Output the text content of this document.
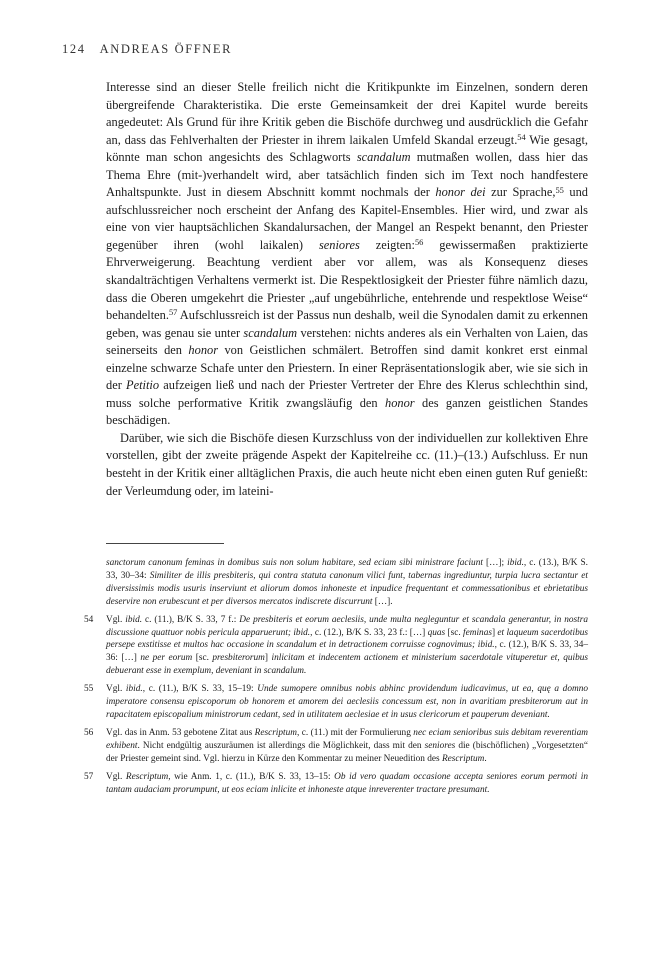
124 ANDREAS ÖFFNER

Interesse sind an dieser Stelle freilich nicht die Kritikpunkte im Einzelnen, sondern deren übergreifende Charakteristika. Die erste Gemeinsamkeit der drei Kapitel wurde bereits angedeutet: Als Grund für ihre Kritik geben die Bischöfe durchweg und ausdrücklich die Gefahr an, dass das Fehlverhalten der Priester in ihrem laikalen Umfeld Skandal erzeugt.$^{54}$ Wie gesagt, könnte man schon angesichts des Schlagworts scandalum mutmaßen wollen, dass hier das Thema Ehre (mit-)verhandelt wird, aber tatsächlich finden sich im Text noch handfestere Anhaltspunkte. Just in diesem Abschnitt kommt nochmals der honor dei zur Sprache,$^{55}$ und aufschlussreicher noch erscheint der Anfang des Kapitel-Ensembles. Hier wird, und zwar als eine von vier hauptsächlichen Skandalursachen, der Mangel an Respekt benannt, den Priester gegenüber ihren (wohl laikalen) seniores zeigten:$^{56}$ gewissermaßen praktizierte Ehrverweigerung. Beachtung verdient aber vor allem, was als Konsequenz dieses skandalträchtigen Verhaltens vermerkt ist. Die Respektlosigkeit der Priester führe nämlich dazu, dass die Oberen umgekehrt die Priester „auf ungebührliche, entehrende und respektlose Weise“ behandelten.$^{57}$ Aufschlussreich ist der Passus nun deshalb, weil die Synodalen damit zu erkennen geben, was genau sie unter scandalum verstehen: nichts anderes als ein Verhalten von Laien, das seinerseits den honor von Geistlichen schmälert. Betroffen sind damit konkret erst einmal einzelne schwarze Schafe unter den Priestern. In einer Repräsentationslogik aber, wie sie sich in der Petitio aufzeigen ließ und nach der Priester Vertreter der Ehre des Klerus schlechthin sind, muss solche performative Kritik zwangsläufig den honor des ganzen geistlichen Standes beschädigen.

Darüber, wie sich die Bischöfe diesen Kurzschluss von der individuellen zur kollektiven Ehre vorstellen, gibt der zweite prägende Aspekt der Kapitelreihe cc. (11.)–(13.) Aufschluss. Er nun besteht in der Kritik einer alltäglichen Praxis, die auch heute nicht eben einen guten Ruf genießt: der Verleumdung oder, im lateini-

sanctorum canonum feminas in domibus suis non solum habitare, sed eciam sibi ministrare faciunt […]; ibid., c. (13.), B/K S. 33, 30–34: Similiter de illis presbiteris, qui contra statuta canonum vilici funt, tabernas ingrediuntur, turpia lucra sectantur et diversissimis modis usuris inserviunt et aliorum domos inhoneste et inpudice frequentant et commessationibus et ebrietatibus deservire non erubescunt et per diversos mercatos indiscrete discurrunt […].
54 Vgl. ibid. c. (11.), B/K S. 33, 7 f.: De presbiteris et eorum aeclesiis, unde multa negleguntur et scandala generantur, in nostra discussione quattuor nobis pericula apparuerunt; ibid., c. (12.), B/K S. 33, 23 f.: […] quas [sc. feminas] et laqueum sacerdotibus persepe exstitisse et multos hac occasione in scandalum et in detractionem corruisse cognovimus; ibid., c. (12.), B/K S. 33, 34–36: […] ne per eorum [sc. presbiterorum] inlicitam et indecentem actionem et ministerium sacerdotale vituperetur et, quibus debuerant esse in exemplum, deveniant in scandalum.
55 Vgl. ibid., c. (11.), B/K S. 33, 15–19: Unde sumopere omnibus nobis abhinc providendum iudicavimus, ut ea, quę a domno imperatore consensu episcoporum ob honorem et amorem dei aeclesiis concessum est, non in avaritiam presbiterorum aut in rapacitatem episcopalium ministrorum cedant, sed in utilitatem aeclesiae et in usus clericorum et pauperum deveniant.
56 Vgl. das in Anm. 53 gebotene Zitat aus Rescriptum, c. (11.) mit der Formulierung nec eciam senioribus suis debitam reverentiam exhibent. Nicht endgültig auszuräumen ist allerdings die Möglichkeit, dass mit den seniores die (bischöflichen) „Vorgesetzten“ der Priester gemeint sind. Vgl. hierzu in Kürze den Kommentar zu meiner Neuedition des Rescriptum.
57 Vgl. Rescriptum, wie Anm. 1, c. (11.), B/K S. 33, 13–15: Ob id vero quadam occasione accepta seniores eorum permoti in tantam audaciam prorumpunt, ut eos eciam inlicite et inhoneste atque inreverenter tractare presumant.
